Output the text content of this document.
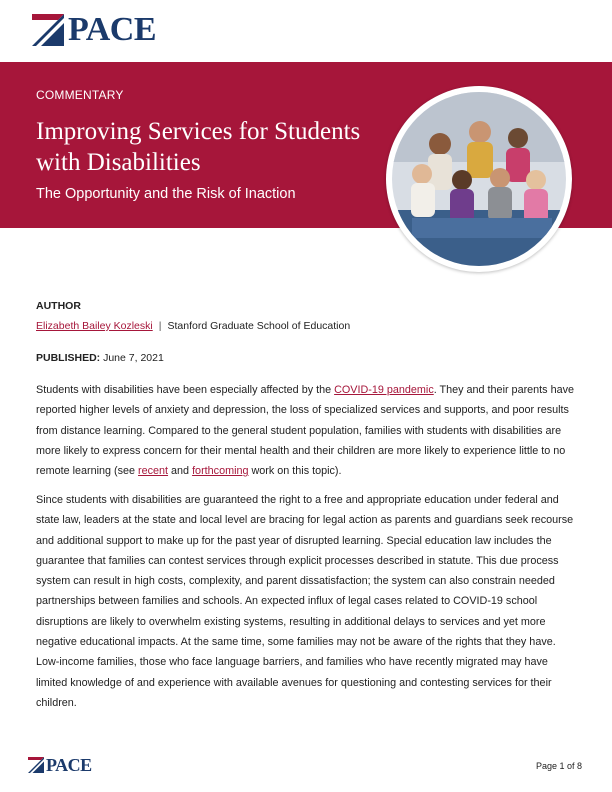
PACE
COMMENTARY
Improving Services for Students with Disabilities
The Opportunity and the Risk of Inaction
AUTHOR
Elizabeth Bailey Kozleski | Stanford Graduate School of Education
PUBLISHED: June 7, 2021

Students with disabilities have been especially affected by the COVID-19 pandemic. They and their parents have reported higher levels of anxiety and depression, the loss of specialized services and supports, and poor results from distance learning. Compared to the general student population, families with students with disabilities are more likely to express concern for their mental health and their children are more likely to experience little to no remote learning (see recent and forthcoming work on this topic).

Since students with disabilities are guaranteed the right to a free and appropriate education under federal and state law, leaders at the state and local level are bracing for legal action as parents and guardians seek recourse and additional support to make up for the past year of disrupted learning. Special education law includes the guarantee that families can contest services through explicit processes described in statute. This due process system can result in high costs, complexity, and parent dissatisfaction; the system can also constrain needed partnerships between families and schools. An expected influx of legal cases related to COVID-19 school disruptions are likely to overwhelm existing systems, resulting in additional delays to services and yet more negative educational impacts. At the same time, some families may not be aware of the rights that they have. Low-income families, those who face language barriers, and families who have recently migrated may have limited knowledge of and experience with available avenues for questioning and contesting services for their children.

PACE	Page 1 of 8
